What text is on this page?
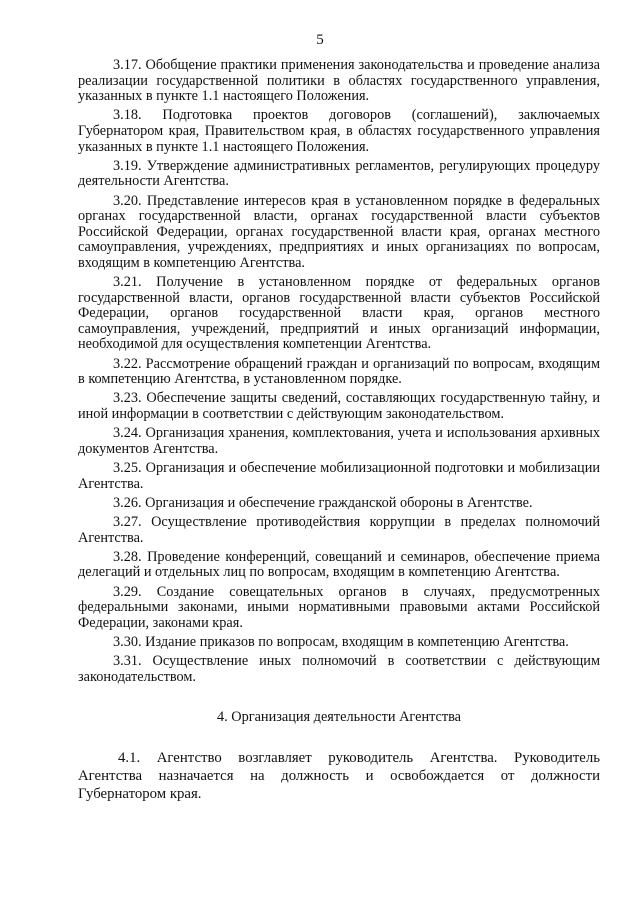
5

3.17. Обобщение практики применения законодательства и проведение анализа реализации государственной политики в областях государственного управления, указанных в пункте 1.1 настоящего Положения.

3.18. Подготовка проектов договоров (соглашений), заключаемых Губернатором края, Правительством края, в областях государственного управления указанных в пункте 1.1 настоящего Положения.

3.19. Утверждение административных регламентов, регулирующих процедуру деятельности Агентства.

3.20. Представление интересов края в установленном порядке в федеральных органах государственной власти, органах государственной власти субъектов Российской Федерации, органах государственной власти края, органах местного самоуправления, учреждениях, предприятиях и иных организациях по вопросам, входящим в компетенцию Агентства.

3.21. Получение в установленном порядке от федеральных органов государственной власти, органов государственной власти субъектов Российской Федерации, органов государственной власти края, органов местного самоуправления, учреждений, предприятий и иных организаций информации, необходимой для осуществления компетенции Агентства.

3.22. Рассмотрение обращений граждан и организаций по вопросам, входящим в компетенцию Агентства, в установленном порядке.

3.23. Обеспечение защиты сведений, составляющих государственную тайну, и иной информации в соответствии с действующим законодательством.

3.24. Организация хранения, комплектования, учета и использования архивных документов Агентства.

3.25. Организация и обеспечение мобилизационной подготовки и мобилизации Агентства.

3.26. Организация и обеспечение гражданской обороны в Агентстве.

3.27. Осуществление противодействия коррупции в пределах полномочий Агентства.

3.28. Проведение конференций, совещаний и семинаров, обеспечение приема делегаций и отдельных лиц по вопросам, входящим в компетенцию Агентства.

3.29. Создание совещательных органов в случаях, предусмотренных федеральными законами, иными нормативными правовыми актами Российской Федерации, законами края.

3.30. Издание приказов по вопросам, входящим в компетенцию Агентства.

3.31. Осуществление иных полномочий в соответствии с действующим законодательством.

4. Организация деятельности Агентства

4.1. Агентство возглавляет руководитель Агентства. Руководитель Агентства назначается на должность и освобождается от должности Губернатором края.
